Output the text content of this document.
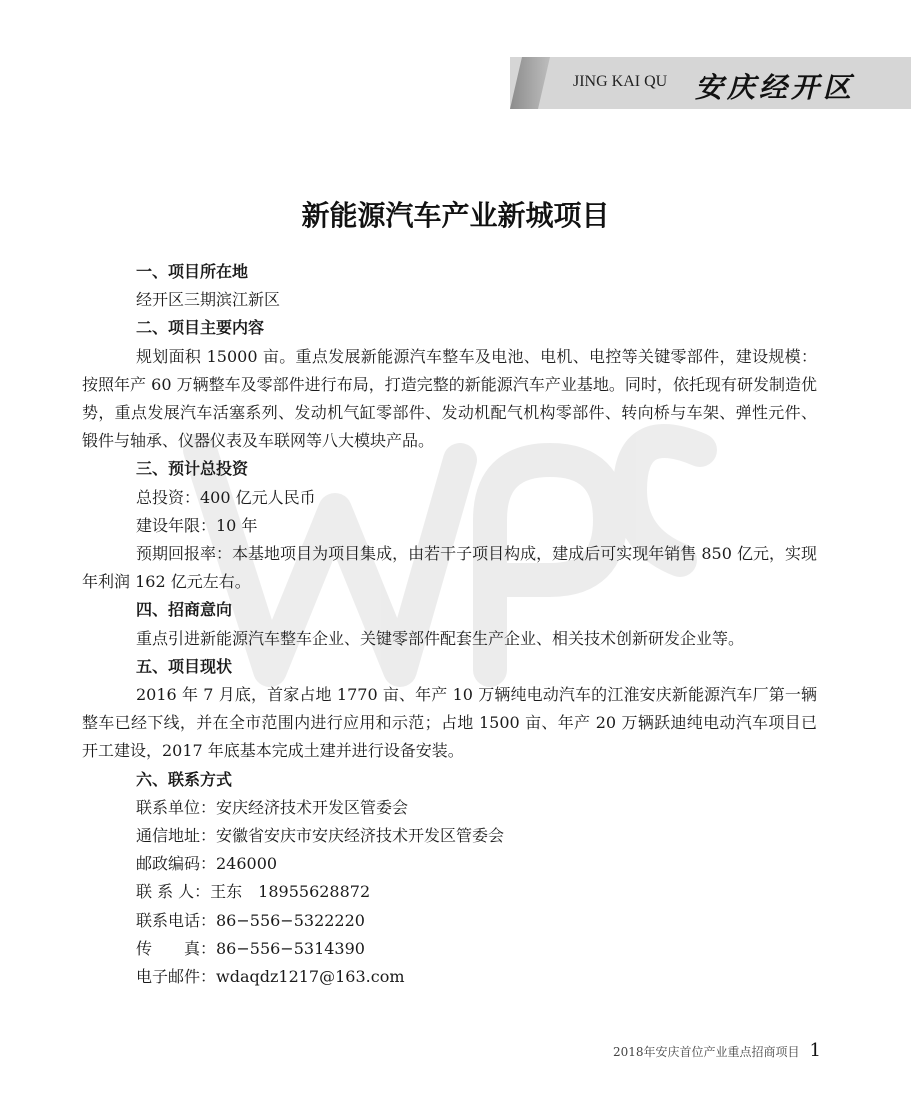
JING KAI QU 安庆经开区
新能源汽车产业新城项目

一、项目所在地

经开区三期滨江新区

二、项目主要内容

规划面积 15000 亩。重点发展新能源汽车整车及电池、电机、电控等关键零部件，建设规模：按照年产 60 万辆整车及零部件进行布局，打造完整的新能源汽车产业基地。同时，依托现有研发制造优势，重点发展汽车活塞系列、发动机气缸零部件、发动机配气机构零部件、转向桥与车架、弹性元件、锻件与轴承、仪器仪表及车联网等八大模块产品。

三、预计总投资

总投资：400 亿元人民币

建设年限：10 年

预期回报率：本基地项目为项目集成，由若干子项目构成，建成后可实现年销售 850 亿元，实现年利润 162 亿元左右。

四、招商意向

重点引进新能源汽车整车企业、关键零部件配套生产企业、相关技术创新研发企业等。

五、项目现状

2016 年 7 月底，首家占地 1770 亩、年产 10 万辆纯电动汽车的江淮安庆新能源汽车厂第一辆整车已经下线，并在全市范围内进行应用和示范；占地 1500 亩、年产 20 万辆跃迪纯电动汽车项目已开工建设，2017 年底基本完成土建并进行设备安装。

六、联系方式

联系单位：安庆经济技术开发区管委会

通信地址：安徽省安庆市安庆经济技术开发区管委会

邮政编码：246000

联 系 人：王东　18955628872

联系电话：86−556−5322220

传　　真：86−556−5314390

电子邮件：wdaqdz1217@163.com

2018年安庆首位产业重点招商项目 1
